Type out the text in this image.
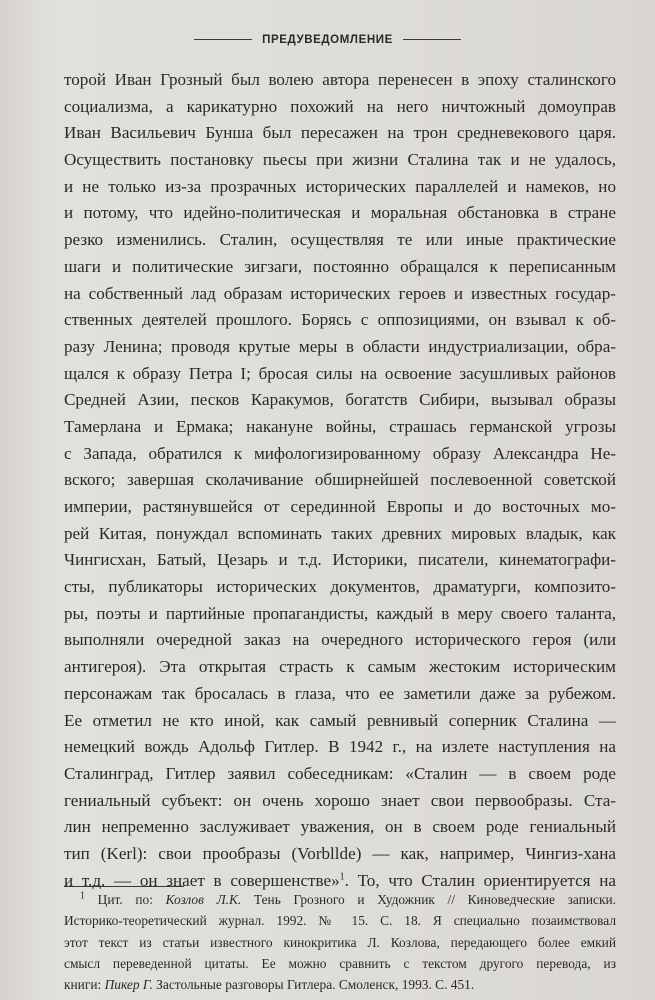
ПРЕДУВЕДОМЛЕНИЕ
торой Иван Грозный был волею автора перенесен в эпоху сталинского
социализма, а карикатурно похожий на него ничтожный домоуправ
Иван Васильевич Бунша был пересажен на трон средневекового царя.
Осуществить постановку пьесы при жизни Сталина так и не удалось,
и не только из-за прозрачных исторических параллелей и намеков, но
и потому, что идейно-политическая и моральная обстановка в стране
резко изменились. Сталин, осуществляя те или иные практические
шаги и политические зигзаги, постоянно обращался к переписанным
на собственный лад образам исторических героев и известных государ-
ственных деятелей прошлого. Борясь с оппозициями, он взывал к об-
разу Ленина; проводя крутые меры в области индустриализации, обра-
щался к образу Петра I; бросая силы на освоение засушливых районов
Средней Азии, песков Каракумов, богатств Сибири, вызывал образы
Тамерлана и Ермака; накануне войны, страшась германской угрозы
с Запада, обратился к мифологизированному образу Александра Не-
вского; завершая сколачивание обширнейшей послевоенной советской
империи, растянувшейся от серединной Европы и до восточных мо-
рей Китая, понуждал вспоминать таких древних мировых владык, как
Чингисхан, Батый, Цезарь и т.д. Историки, писатели, кинематографи-
сты, публикаторы исторических документов, драматурги, композито-
ры, поэты и партийные пропагандисты, каждый в меру своего таланта,
выполняли очередной заказ на очередного исторического героя (или
антигероя). Эта открытая страсть к самым жестоким историческим
персонажам так бросалась в глаза, что ее заметили даже за рубежом.
Ее отметил не кто иной, как самый ревнивый соперник Сталина —
немецкий вождь Адольф Гитлер. В 1942 г., на излете наступления на
Сталинград, Гитлер заявил собеседникам: «Сталин — в своем роде
гениальный субъект: он очень хорошо знает свои первообразы. Ста-
лин непременно заслуживает уважения, он в своем роде гениальный
тип (Kerl): свои прообразы (Vorbllde) — как, например, Чингиз-хана
и т.д. — он знает в совершенстве»$^1$. То, что Сталин ориентируется на
$^1$ Цит. по: Козлов Л.К. Тень Грозного и Художник // Киноведческие записки.
Историко-теоретический журнал. 1992. № 15. С. 18. Я специально позаимствовал
этот текст из статьи известного кинокритика Л. Козлова, передающего более емкий
смысл переведенной цитаты. Ее можно сравнить с текстом другого перевода, из
книги: Пикер Г. Застольные разговоры Гитлера. Смоленск, 1993. С. 451.
